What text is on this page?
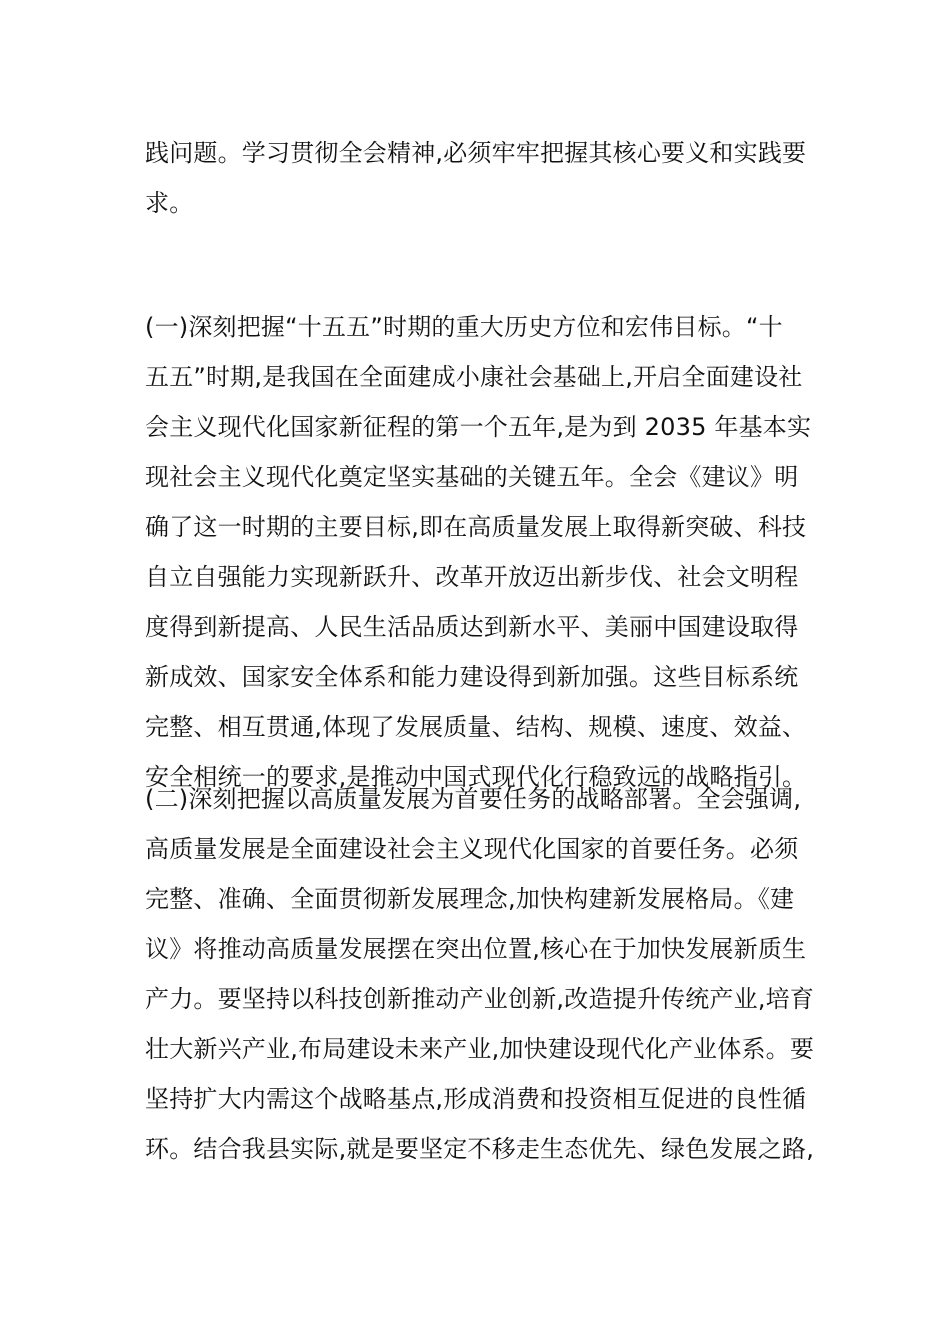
践问题。学习贯彻全会精神,必须牢牢把握其核心要义和实践要
求。
(一)深刻把握“十五五”时期的重大历史方位和宏伟目标。“十
五五”时期,是我国在全面建成小康社会基础上,开启全面建设社
会主义现代化国家新征程的第一个五年,是为到 2035 年基本实
现社会主义现代化奠定坚实基础的关键五年。全会《建议》明
确了这一时期的主要目标,即在高质量发展上取得新突破、科技
自立自强能力实现新跃升、改革开放迈出新步伐、社会文明程
度得到新提高、人民生活品质达到新水平、美丽中国建设取得
新成效、国家安全体系和能力建设得到新加强。这些目标系统
完整、相互贯通,体现了发展质量、结构、规模、速度、效益、
安全相统一的要求,是推动中国式现代化行稳致远的战略指引。
(二)深刻把握以高质量发展为首要任务的战略部署。全会强调,
高质量发展是全面建设社会主义现代化国家的首要任务。必须
完整、准确、全面贯彻新发展理念,加快构建新发展格局。《建
议》将推动高质量发展摆在突出位置,核心在于加快发展新质生
产力。要坚持以科技创新推动产业创新,改造提升传统产业,培育
壮大新兴产业,布局建设未来产业,加快建设现代化产业体系。要
坚持扩大内需这个战略基点,形成消费和投资相互促进的良性循
环。结合我县实际,就是要坚定不移走生态优先、绿色发展之路,
